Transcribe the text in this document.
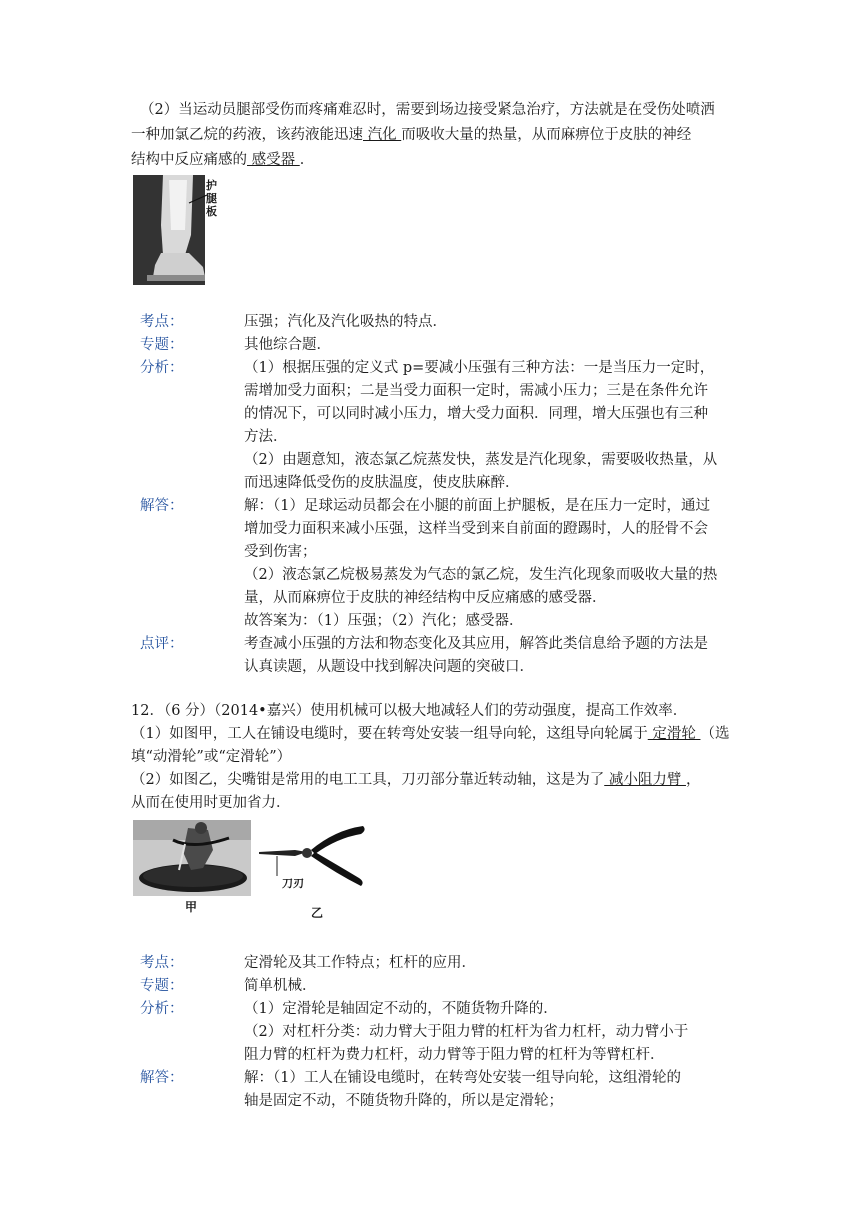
（2）当运动员腿部受伤而疼痛难忍时，需要到场边接受紧急治疗，方法就是在受伤处喷洒
一种加氯乙烷的药液，该药液能迅速 汽化 而吸收大量的热量，从而麻痹位于皮肤的神经
结构中反应痛感的 感受器 ．
护腿板
考点：	压强；汽化及汽化吸热的特点．
专题：	其他综合题．
分析：	（1）根据压强的定义式 p=要减小压强有三种方法：一是当压力一定时，
需增加受力面积；二是当受力面积一定时，需减小压力；三是在条件允许
的情况下，可以同时减小压力，增大受力面积．同理，增大压强也有三种
方法．
（2）由题意知，液态氯乙烷蒸发快，蒸发是汽化现象，需要吸收热量，从
而迅速降低受伤的皮肤温度，使皮肤麻醉．
解答：	解：（1）足球运动员都会在小腿的前面上护腿板，是在压力一定时，通过
增加受力面积来减小压强，这样当受到来自前面的蹬踢时，人的胫骨不会
受到伤害；
（2）液态氯乙烷极易蒸发为气态的氯乙烷，发生汽化现象而吸收大量的热
量，从而麻痹位于皮肤的神经结构中反应痛感的感受器．
故答案为：（1）压强；（2）汽化；感受器．
点评：	考查减小压强的方法和物态变化及其应用，解答此类信息给予题的方法是
认真读题，从题设中找到解决问题的突破口．
12．（6 分）（2014•嘉兴）使用机械可以极大地减轻人们的劳动强度，提高工作效率．
（1）如图甲，工人在铺设电缆时，要在转弯处安装一组导向轮，这组导向轮属于 定滑轮 （选
填“动滑轮”或“定滑轮”）
（2）如图乙，尖嘴钳是常用的电工工具，刀刃部分靠近转动轴，这是为了 减小阻力臂 ，
从而在使用时更加省力．
甲
刀刃
乙
考点：	定滑轮及其工作特点；杠杆的应用．
专题：	简单机械．
分析：	（1）定滑轮是轴固定不动的，不随货物升降的．
（2）对杠杆分类：动力臂大于阻力臂的杠杆为省力杠杆，动力臂小于
阻力臂的杠杆为费力杠杆，动力臂等于阻力臂的杠杆为等臂杠杆．
解答：	解：（1）工人在铺设电缆时，在转弯处安装一组导向轮，这组滑轮的
轴是固定不动，不随货物升降的，所以是定滑轮；
